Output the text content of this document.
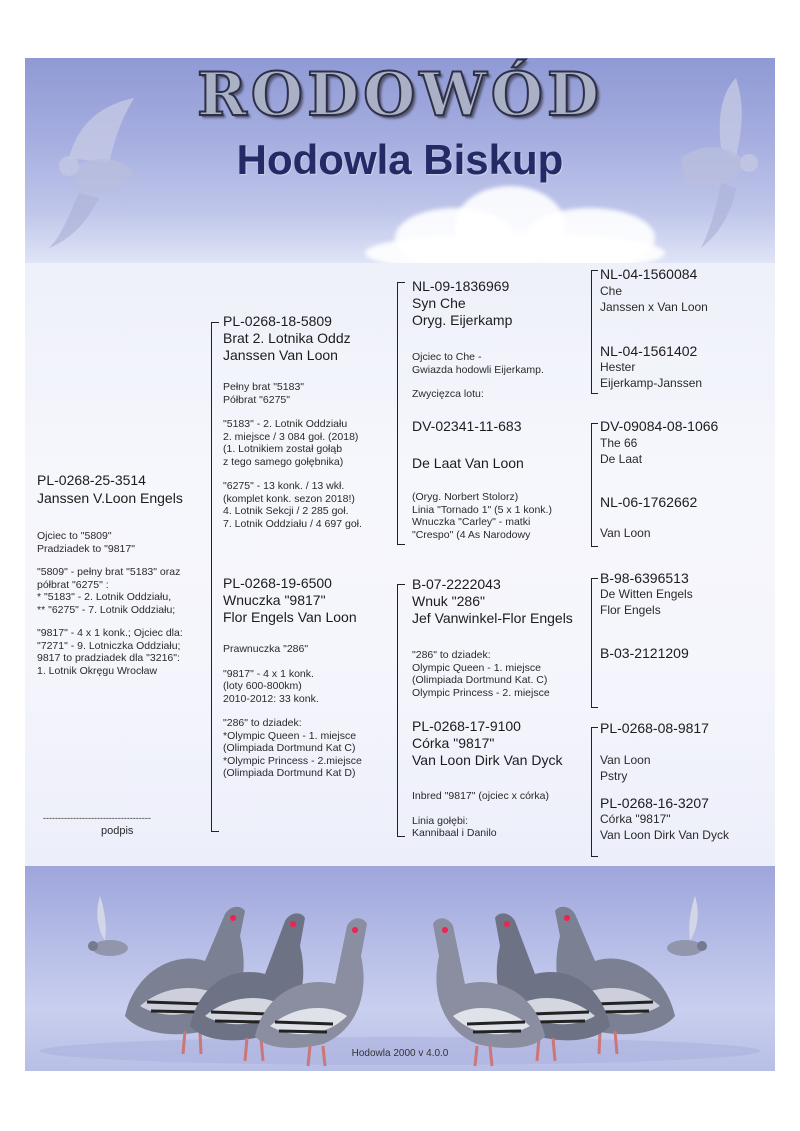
RODOWÓD
Hodowla Biskup
PL-0268-25-3514
Janssen V.Loon Engels
Ojciec to "5809"
Pradziadek to "9817"
"5809" - pełny brat "5183" oraz
półbrat "6275" :
* "5183" - 2. Lotnik Oddziału,
** "6275" - 7. Lotnik Oddziału;
"9817" - 4 x 1 konk.; Ojciec dla:
"7271" - 9. Lotniczka Oddziału;
9817 to pradziadek dla "3216":
1. Lotnik Okręgu Wrocław
------------------------------------
podpis
PL-0268-18-5809
Brat 2. Lotnika Oddz
Janssen Van Loon
Pełny brat "5183"
Półbrat "6275"
"5183" - 2. Lotnik Oddziału
2. miejsce / 3 084 goł. (2018)
(1. Lotnikiem został gołąb
z tego samego gołębnika)
"6275" - 13 konk. / 13 wkł.
(komplet konk. sezon 2018!)
4. Lotnik Sekcji / 2 285 goł.
7. Lotnik Oddziału / 4 697 goł.
PL-0268-19-6500
Wnuczka "9817"
Flor Engels Van Loon
Prawnuczka "286"
"9817" - 4 x 1 konk.
(loty 600-800km)
2010-2012: 33 konk.
"286" to dziadek:
*Olympic Queen - 1. miejsce
(Olimpiada Dortmund Kat C)
*Olympic Princess - 2.miejsce
(Olimpiada Dortmund Kat D)
NL-09-1836969
Syn Che
Oryg. Eijerkamp
Ojciec to Che -
Gwiazda hodowli Eijerkamp.
Zwycięzca lotu:
DV-02341-11-683
De Laat Van Loon
(Oryg. Norbert Stolorz)
Linia "Tornado 1" (5 x 1 konk.)
Wnuczka "Carley" - matki
"Crespo" (4 As Narodowy
B-07-2222043
Wnuk "286"
Jef Vanwinkel-Flor Engels
"286" to dziadek:
Olympic Queen - 1. miejsce
(Olimpiada Dortmund Kat. C)
Olympic Princess - 2. miejsce
PL-0268-17-9100
Córka "9817"
Van Loon Dirk Van Dyck
Inbred "9817" (ojciec x córka)
Linia gołębi:
Kannibaal i Danilo
NL-04-1560084
Che
Janssen x Van Loon
NL-04-1561402
Hester
Eijerkamp-Janssen
DV-09084-08-1066
The 66
De Laat
NL-06-1762662
Van Loon
B-98-6396513
De Witten Engels
Flor Engels
B-03-2121209
PL-0268-08-9817
Van Loon
Pstry
PL-0268-16-3207
Córka "9817"
Van Loon Dirk Van Dyck
Hodowla 2000 v 4.0.0
